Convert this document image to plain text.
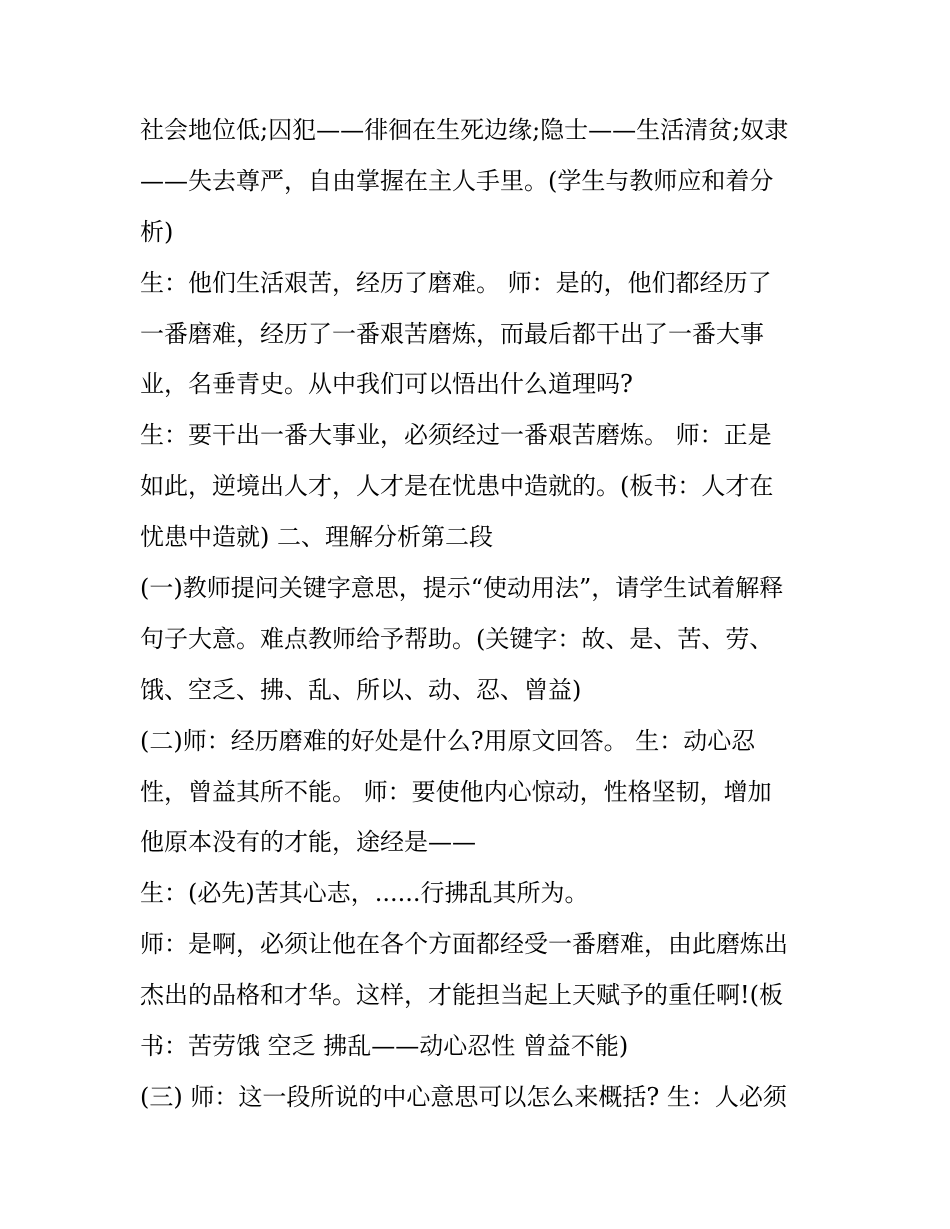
社会地位低;囚犯——徘徊在生死边缘;隐士——生活清贫;奴隶
——失去尊严，自由掌握在主人手里。(学生与教师应和着分
析)
生：他们生活艰苦，经历了磨难。 师：是的，他们都经历了
一番磨难，经历了一番艰苦磨炼，而最后都干出了一番大事
业，名垂青史。从中我们可以悟出什么道理吗?
生：要干出一番大事业，必须经过一番艰苦磨炼。 师：正是
如此，逆境出人才，人才是在忧患中造就的。(板书：人才在
忧患中造就) 二、理解分析第二段
(一)教师提问关键字意思，提示“使动用法”，请学生试着解释
句子大意。难点教师给予帮助。(关键字：故、是、苦、劳、
饿、空乏、拂、乱、所以、动、忍、曾益)
(二)师：经历磨难的好处是什么?用原文回答。 生：动心忍
性，曾益其所不能。 师：要使他内心惊动，性格坚韧，增加
他原本没有的才能，途经是——
生：(必先)苦其心志，......行拂乱其所为。
师：是啊，必须让他在各个方面都经受一番磨难，由此磨炼出
杰出的品格和才华。这样，才能担当起上天赋予的重任啊!(板
书：苦劳饿 空乏 拂乱——动心忍性 曾益不能)
(三) 师：这一段所说的中心意思可以怎么来概括? 生：人必须
